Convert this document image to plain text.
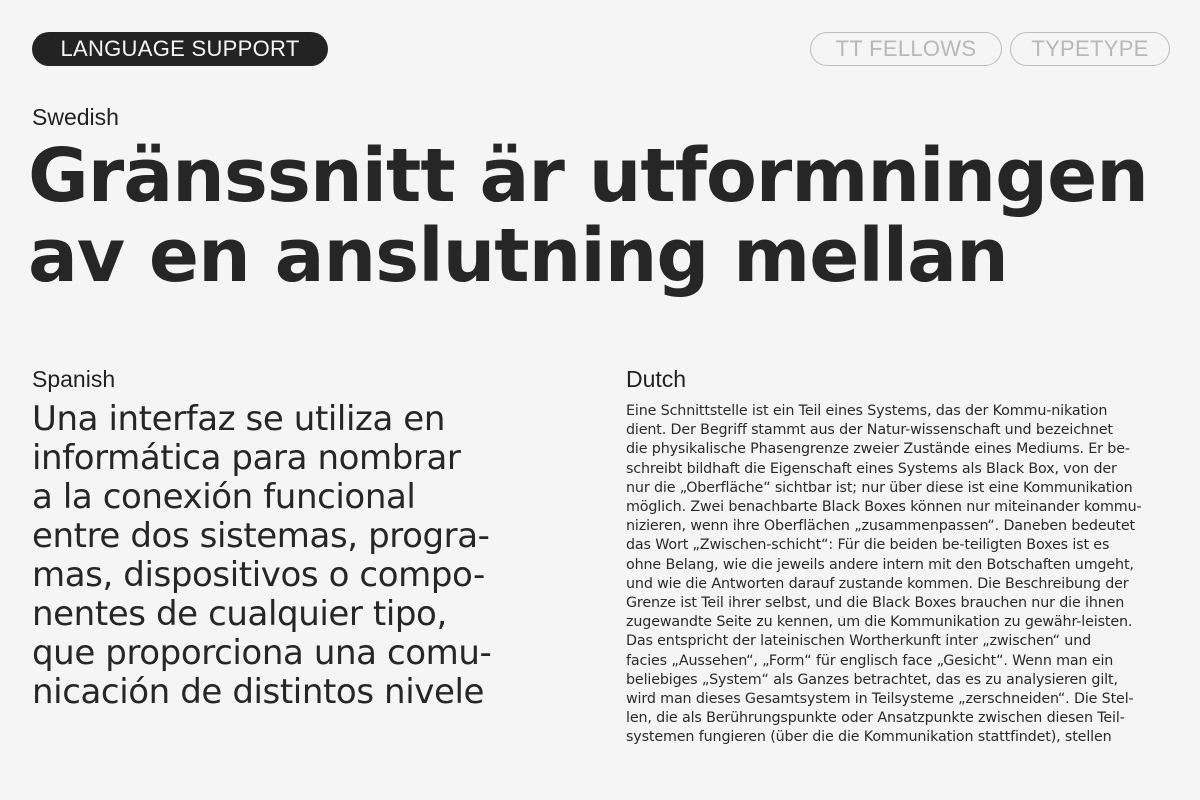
LANGUAGE SUPPORT	TT FELLOWS	TYPETYPE
Swedish

Gränssnitt är utformningen av en anslutning mellan

Spanish

Una interfaz se utiliza en
informática para nombrar
a la conexión funcional
entre dos sistemas, progra-
mas, dispositivos o compo-
nentes de cualquier tipo,
que proporciona una comu-
nicación de distintos nivele

Dutch

Eine Schnittstelle ist ein Teil eines Systems, das der Kommu-nikation
dient. Der Begriff stammt aus der Natur-wissenschaft und bezeichnet
die physikalische Phasengrenze zweier Zustände eines Mediums. Er be-
schreibt bildhaft die Eigenschaft eines Systems als Black Box, von der
nur die „Oberfläche“ sichtbar ist; nur über diese ist eine Kommunikation
möglich. Zwei benachbarte Black Boxes können nur miteinander kommu-
nizieren, wenn ihre Oberflächen „zusammenpassen“. Daneben bedeutet
das Wort „Zwischen-schicht“: Für die beiden be-teiligten Boxes ist es
ohne Belang, wie die jeweils andere intern mit den Botschaften umgeht,
und wie die Antworten darauf zustande kommen. Die Beschreibung der
Grenze ist Teil ihrer selbst, und die Black Boxes brauchen nur die ihnen
zugewandte Seite zu kennen, um die Kommunikation zu gewähr-leisten.
Das entspricht der lateinischen Wortherkunft inter „zwischen“ und
facies „Aussehen“, „Form“ für englisch face „Gesicht“. Wenn man ein
beliebiges „System“ als Ganzes betrachtet, das es zu analysieren gilt,
wird man dieses Gesamtsystem in Teilsysteme „zerschneiden“. Die Stel-
len, die als Berührungspunkte oder Ansatzpunkte zwischen diesen Teil-
systemen fungieren (über die die Kommunikation stattfindet), stellen
